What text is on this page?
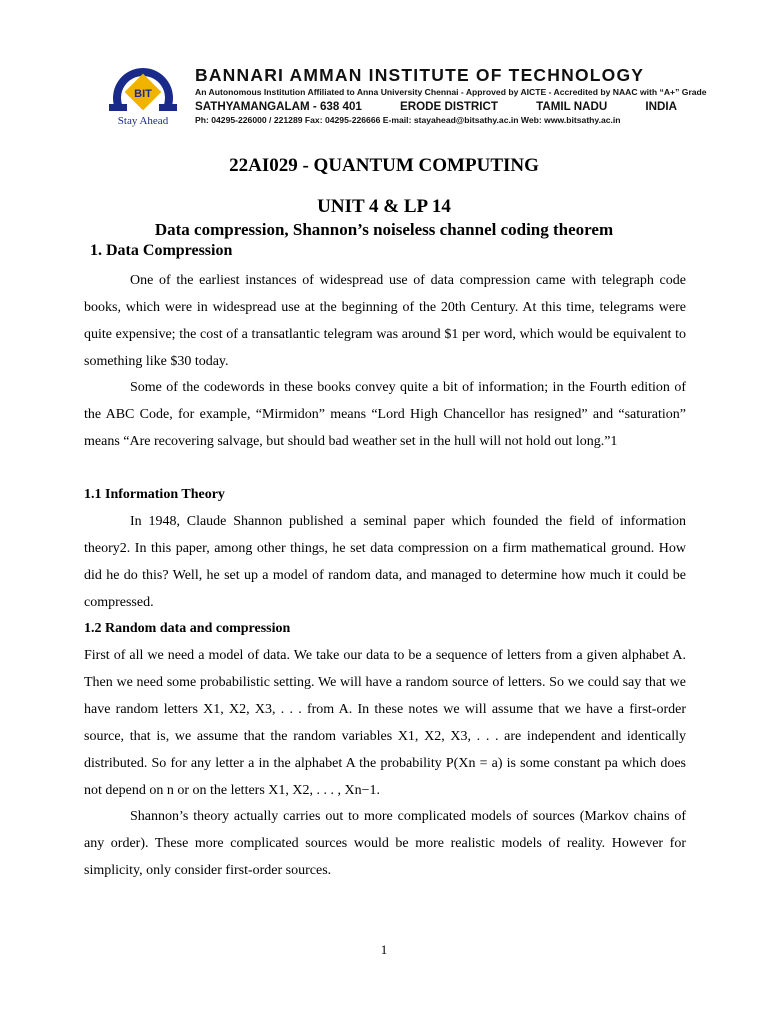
BIT
Stay Ahead
BANNARI AMMAN INSTITUTE OF TECHNOLOGY
An Autonomous Institution Affiliated to Anna University Chennai - Approved by AICTE - Accredited by NAAC with “A+” Grade
SATHYAMANGALAM - 638 401	ERODE DISTRICT	TAMIL NADU	INDIA
Ph: 04295-226000 / 221289 Fax: 04295-226666 E-mail: stayahead@bitsathy.ac.in Web: www.bitsathy.ac.in
22AI029 - QUANTUM COMPUTING
UNIT 4 & LP 14
Data compression, Shannon’s noiseless channel coding theorem
1. Data Compression

One of the earliest instances of widespread use of data compression came with telegraph code books, which were in widespread use at the beginning of the 20th Century. At this time, telegrams were quite expensive; the cost of a transatlantic telegram was around $1 per word, which would be equivalent to something like $30 today.

Some of the codewords in these books convey quite a bit of information; in the Fourth edition of the ABC Code, for example, “Mirmidon” means “Lord High Chancellor has resigned” and “saturation” means “Are recovering salvage, but should bad weather set in the hull will not hold out long.”1

1.1 Information Theory

In 1948, Claude Shannon published a seminal paper which founded the field of information theory2. In this paper, among other things, he set data compression on a firm mathematical ground. How did he do this? Well, he set up a model of random data, and managed to determine how much it could be compressed.

1.2 Random data and compression

First of all we need a model of data. We take our data to be a sequence of letters from a given alphabet A. Then we need some probabilistic setting. We will have a random source of letters. So we could say that we have random letters X1, X2, X3, . . . from A. In these notes we will assume that we have a first-order source, that is, we assume that the random variables X1, X2, X3, . . . are independent and identically distributed. So for any letter a in the alphabet A the probability P(Xn = a) is some constant pa which does not depend on n or on the letters X1, X2, . . . , Xn−1.

Shannon’s theory actually carries out to more complicated models of sources (Markov chains of any order). These more complicated sources would be more realistic models of reality. However for simplicity, only consider first-order sources.

1
